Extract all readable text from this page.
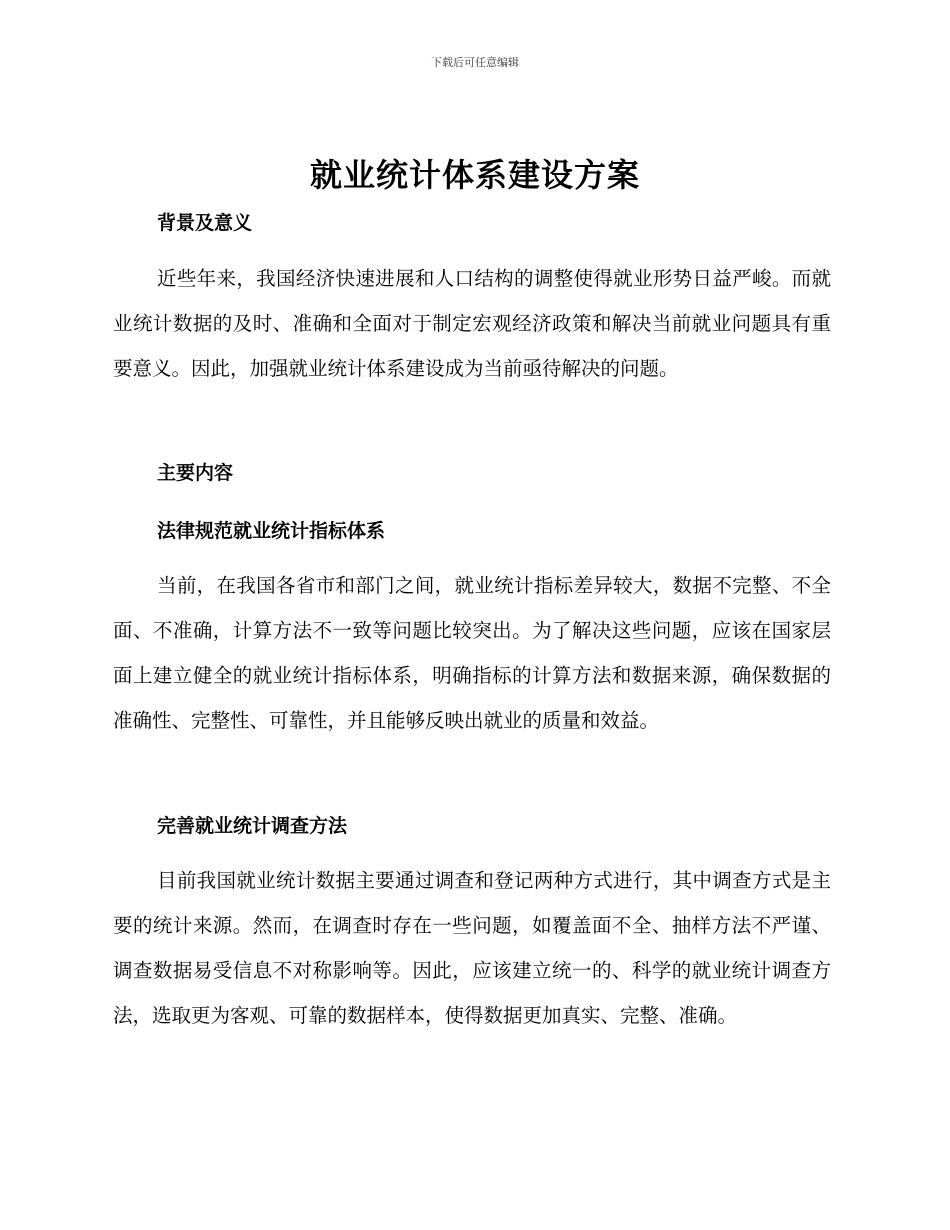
下载后可任意编辑
就业统计体系建设方案
背景及意义
近些年来，我国经济快速进展和人口结构的调整使得就业形势日益严峻。而就业统计数据的及时、准确和全面对于制定宏观经济政策和解决当前就业问题具有重要意义。因此，加强就业统计体系建设成为当前亟待解决的问题。
主要内容
法律规范就业统计指标体系
当前，在我国各省市和部门之间，就业统计指标差异较大，数据不完整、不全面、不准确，计算方法不一致等问题比较突出。为了解决这些问题，应该在国家层面上建立健全的就业统计指标体系，明确指标的计算方法和数据来源，确保数据的准确性、完整性、可靠性，并且能够反映出就业的质量和效益。
完善就业统计调查方法
目前我国就业统计数据主要通过调查和登记两种方式进行，其中调查方式是主要的统计来源。然而，在调查时存在一些问题，如覆盖面不全、抽样方法不严谨、调查数据易受信息不对称影响等。因此，应该建立统一的、科学的就业统计调查方法，选取更为客观、可靠的数据样本，使得数据更加真实、完整、准确。
